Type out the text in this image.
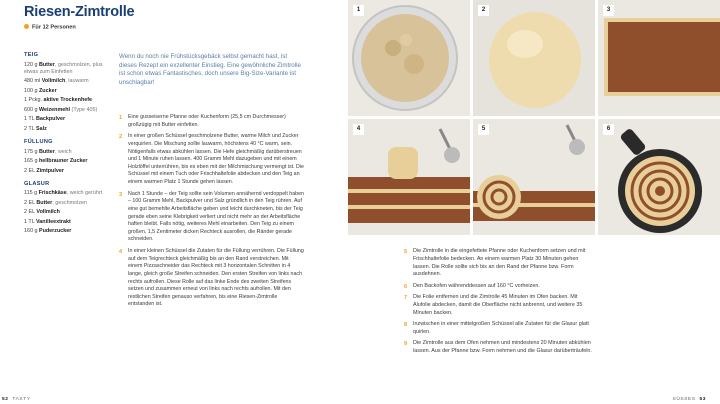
Riesen-Zimtrolle
Für 12 Personen
TEIG
120 g Butter, geschmolzen, plus etwas zum Einfetten
480 ml Vollmilch, lauwarm
100 g Zucker
1 Pckg. aktive Trockenhefe
600 g Weizenmehl (Type 405)
1 TL Backpulver
2 TL Salz
FÜLLUNG
175 g Butter, weich
165 g hellbrauner Zucker
2 EL Zimtpulver
GLASUR
115 g Frischkäse, weich gerührt
2 EL Butter, geschmolzen
2 EL Vollmilch
1 TL Vanilleextrakt
160 g Puderzucker

Wenn du noch nie Frühstücksgebäck selbst gemacht hast, ist dieses Rezept ein exzellenter Einstieg. Eine gewöhnliche Zimtrolle ist schon etwas Fantastisches, doch unsere Big-Size-Variante ist unschlagbar!

1 Eine gusseiserne Pfanne oder Kuchenform (25,5 cm Durchmesser) großzügig mit Butter einfetten.
2 In einer großen Schüssel geschmolzene Butter, warme Milch und Zucker verquirlen. Die Mischung sollte lauwarm, höchstens 40 °C warm, sein. Nötigenfalls etwas abkühlen lassen. Die Hefe gleichmäßig darüberstreuen und 1 Minute ruhen lassen. 400 Gramm Mehl dazugeben und mit einem Holzlöffel unterrühren, bis es eben mit der Milchmischung vermengt ist. Die Schüssel mit einem Tuch oder Frischhaltefolie abdecken und den Teig an einem warmen Platz 1 Stunde gehen lassen.
3 Nach 1 Stunde – der Teig sollte sein Volumen annähernd verdoppelt haben – 100 Gramm Mehl, Backpulver und Salz gründlich in den Teig rühren. Auf eine gut bemehlte Arbeitsfläche geben und leicht durchkneten, bis der Teig gerade eben seine Klebrigkeit verliert und nicht mehr an der Arbeitsfläche haften bleibt. Falls nötig, weiteres Mehl einarbeiten. Den Teig zu einem großen, 1,5 Zentimeter dicken Rechteck ausrollen, die Ränder gerade schneiden.
4 In einer kleinen Schüssel die Zutaten für die Füllung verrühren. Die Füllung auf dem Teigrechteck gleichmäßig bis an den Rand verstreichen. Mit einem Pizzaschneider das Rechteck mit 3 horizontalen Schnitten in 4 lange, gleich große Streifen schneiden. Den ersten Streifen von links nach rechts aufrollen. Diese Rolle auf das linke Ende des zweiten Streifens setzen und zusammen erneut von links nach rechts aufrollen. Mit den restlichen Streifen genauso verfahren, bis eine Riesen-Zimtrolle entstanden ist.
52 TASTY
1	2	3
4	5	6
5 Die Zimtrolle in die eingefettete Pfanne oder Kuchenform setzen und mit Frischhaltefolie bedecken. An einem warmen Platz 30 Minuten gehen lassen. Die Rolle sollte sich bis an den Rand der Pfanne bzw. Form ausdehnen.
6 Den Backofen währenddessen auf 160 °C vorheizen.
7 Die Folie entfernen und die Zimtrolle 45 Minuten im Ofen backen. Mit Alufolie abdecken, damit die Oberfläche nicht anbrennt, und weitere 35 Minuten backen.
8 Inzwischen in einer mittelgroßen Schüssel alle Zutaten für die Glasur glatt quirlen.
9 Die Zimtrolle aus dem Ofen nehmen und mindestens 20 Minuten abkühlen lassen. Aus der Pfanne bzw. Form nehmen und die Glasur darüberträufeln.
SÜSSES 53
